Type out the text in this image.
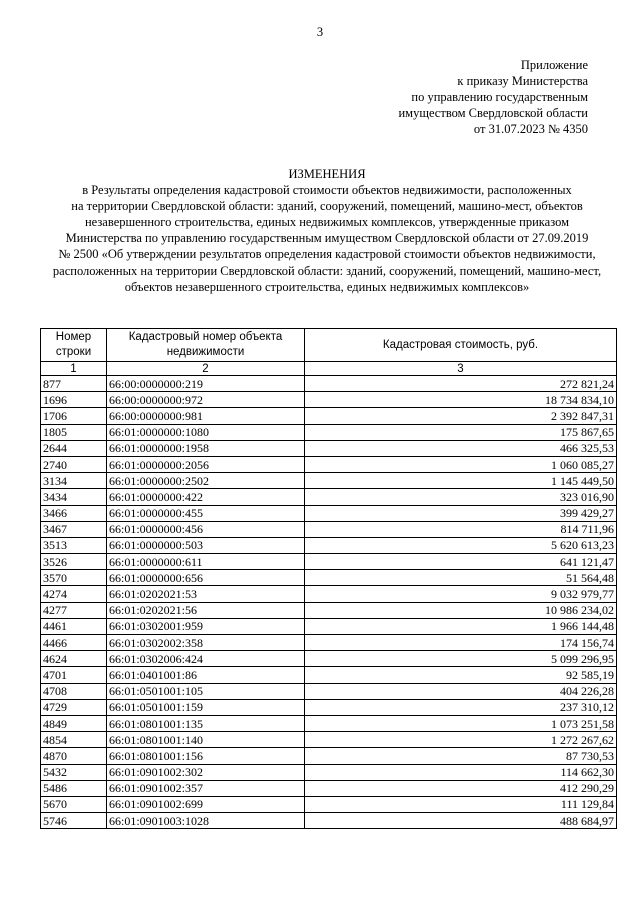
3
Приложение
к приказу Министерства
по управлению государственным
имуществом Свердловской области
от 31.07.2023 № 4350
ИЗМЕНЕНИЯ
в Результаты определения кадастровой стоимости объектов недвижимости, расположенных
на территории Свердловской области: зданий, сооружений, помещений, машино-мест, объектов
незавершенного строительства, единых недвижимых комплексов, утвержденные приказом
Министерства по управлению государственным имуществом Свердловской области от 27.09.2019
№ 2500 «Об утверждении результатов определения кадастровой стоимости объектов недвижимости,
расположенных на территории Свердловской области: зданий, сооружений, помещений, машино-мест,
объектов незавершенного строительства, единых недвижимых комплексов»
Номер строки	Кадастровый номер объекта недвижимости	Кадастровая стоимость, руб.
1	2	3
877	66:00:0000000:219	272 821,24
1696	66:00:0000000:972	18 734 834,10
1706	66:00:0000000:981	2 392 847,31
1805	66:01:0000000:1080	175 867,65
2644	66:01:0000000:1958	466 325,53
2740	66:01:0000000:2056	1 060 085,27
3134	66:01:0000000:2502	1 145 449,50
3434	66:01:0000000:422	323 016,90
3466	66:01:0000000:455	399 429,27
3467	66:01:0000000:456	814 711,96
3513	66:01:0000000:503	5 620 613,23
3526	66:01:0000000:611	641 121,47
3570	66:01:0000000:656	51 564,48
4274	66:01:0202021:53	9 032 979,77
4277	66:01:0202021:56	10 986 234,02
4461	66:01:0302001:959	1 966 144,48
4466	66:01:0302002:358	174 156,74
4624	66:01:0302006:424	5 099 296,95
4701	66:01:0401001:86	92 585,19
4708	66:01:0501001:105	404 226,28
4729	66:01:0501001:159	237 310,12
4849	66:01:0801001:135	1 073 251,58
4854	66:01:0801001:140	1 272 267,62
4870	66:01:0801001:156	87 730,53
5432	66:01:0901002:302	114 662,30
5486	66:01:0901002:357	412 290,29
5670	66:01:0901002:699	111 129,84
5746	66:01:0901003:1028	488 684,97
